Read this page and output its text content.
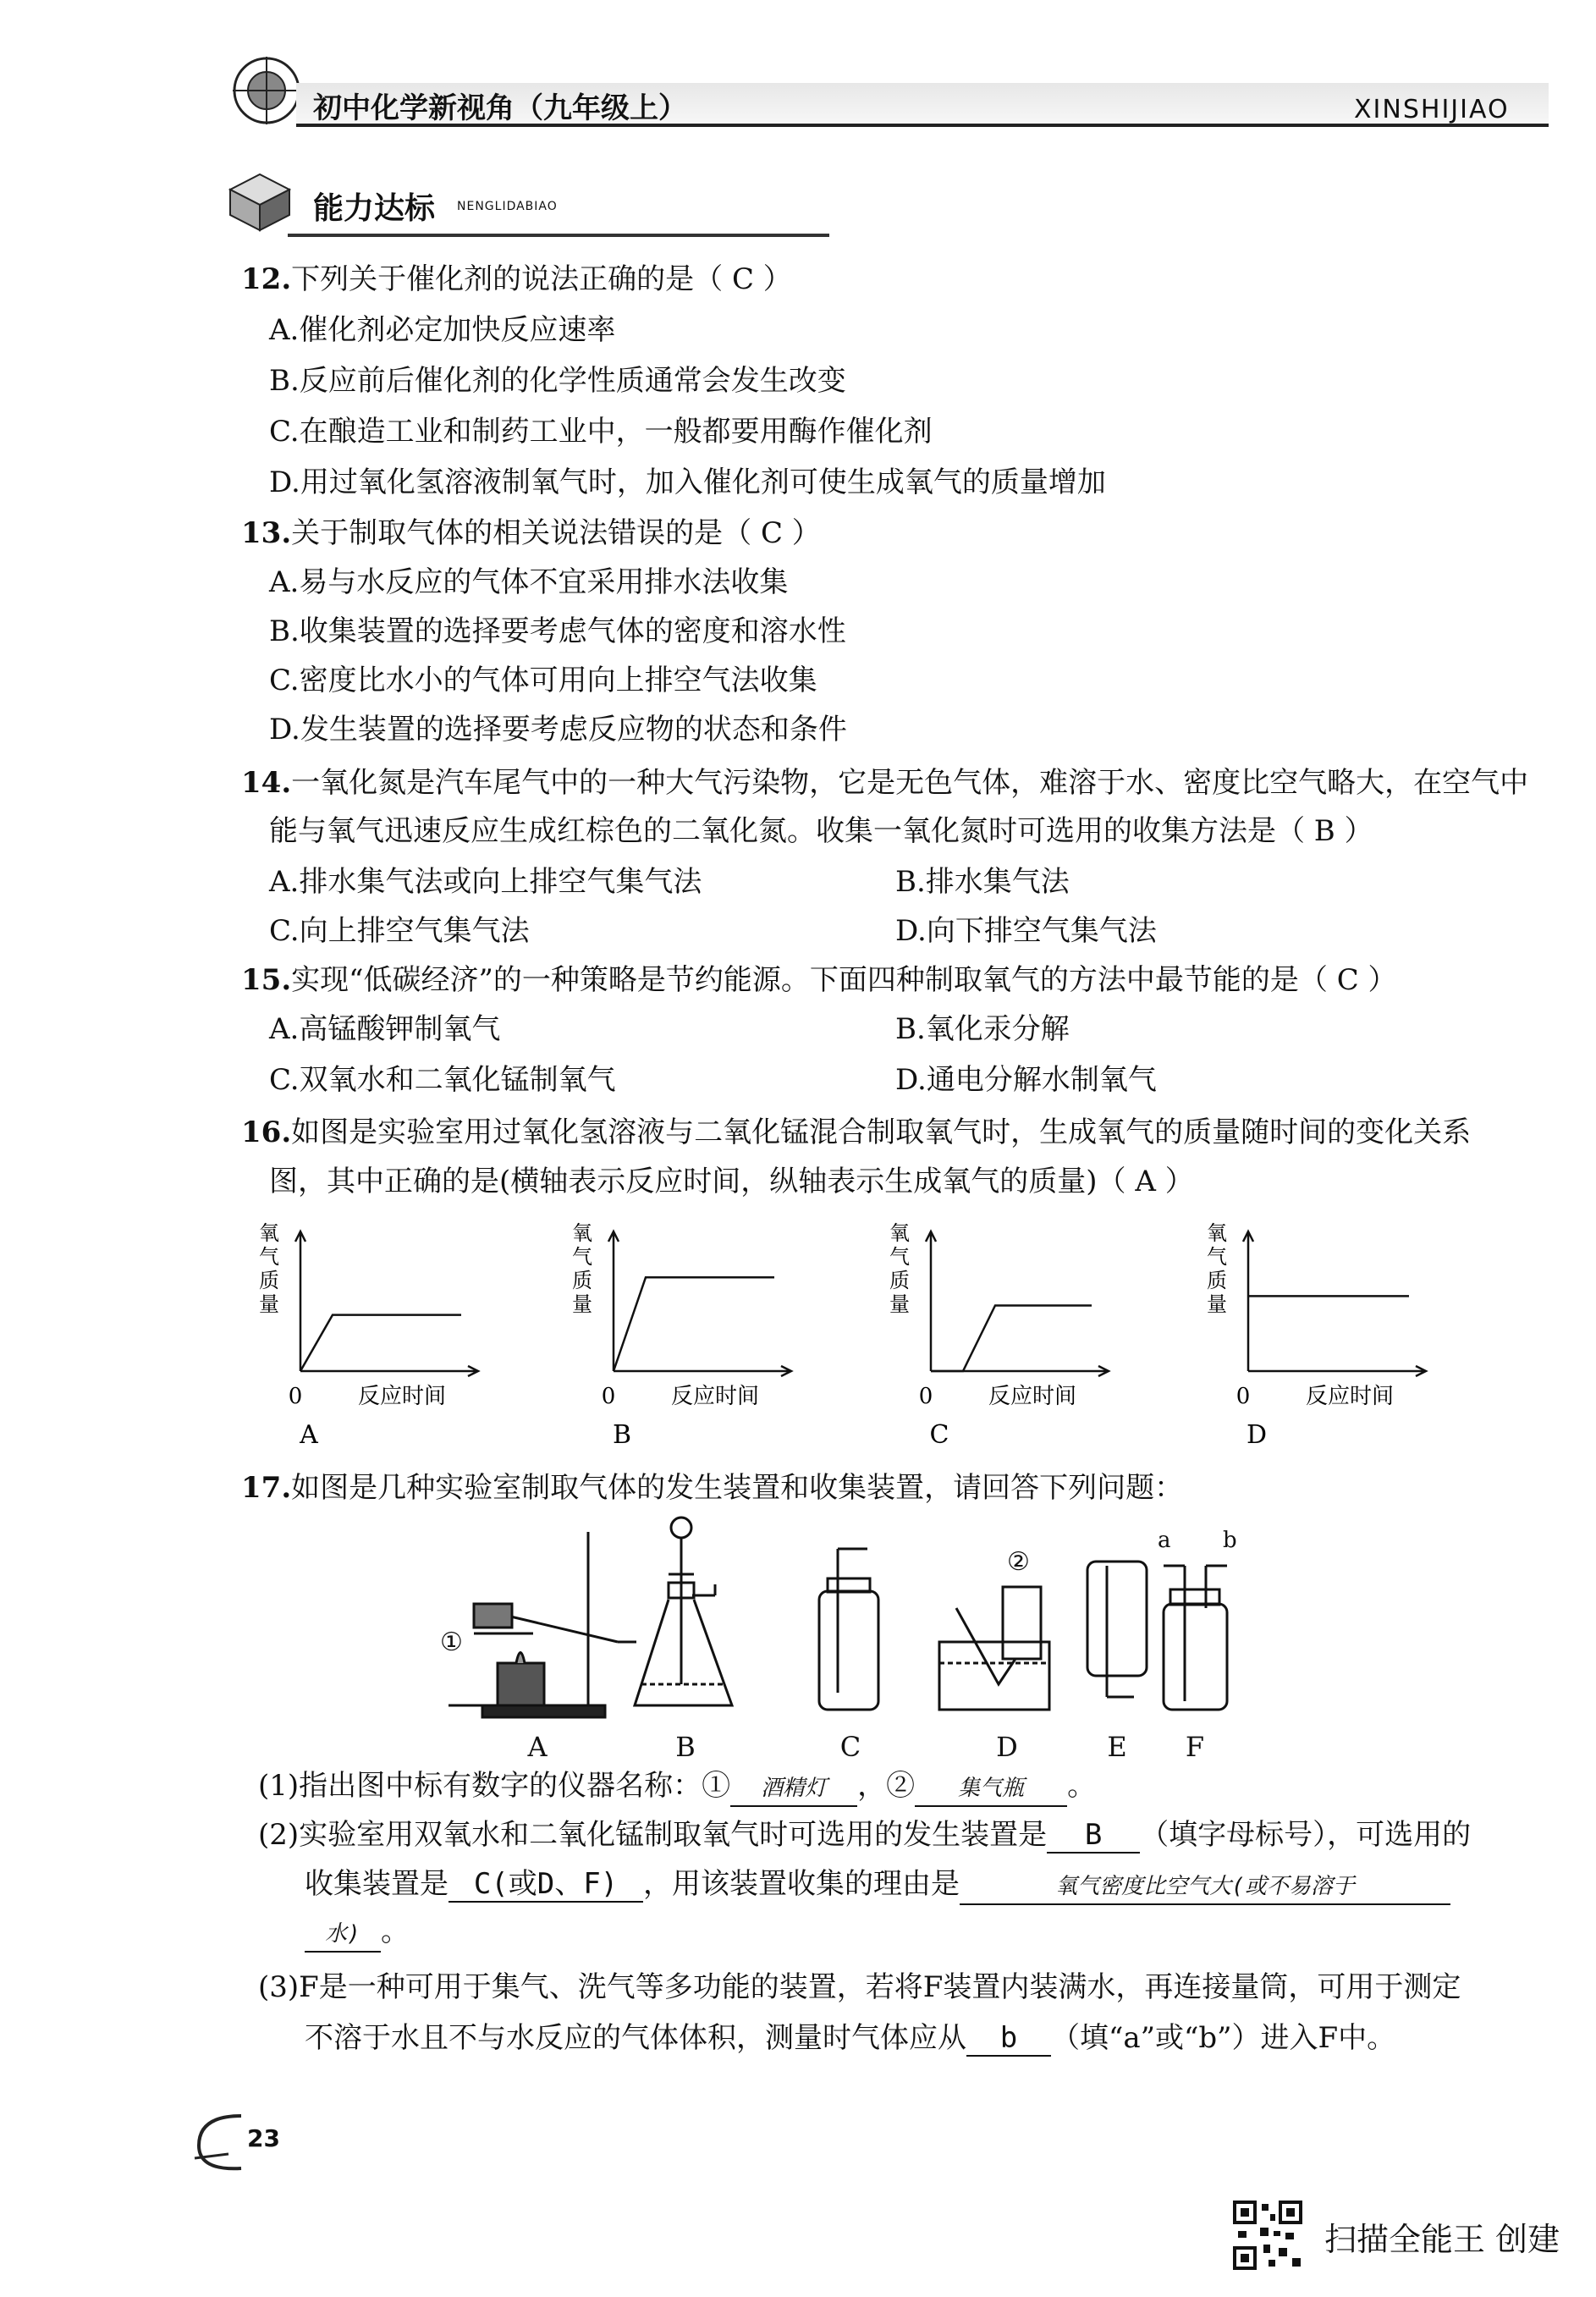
初中化学新视角（九年级上）	XINSHIJIAO
能力达标 NENGLIDABIAO
12.下列关于催化剂的说法正确的是（ C ）
A.催化剂必定加快反应速率
B.反应前后催化剂的化学性质通常会发生改变
C.在酿造工业和制药工业中，一般都要用酶作催化剂
D.用过氧化氢溶液制氧气时，加入催化剂可使生成氧气的质量增加
13.关于制取气体的相关说法错误的是（ C ）
A.易与水反应的气体不宜采用排水法收集
B.收集装置的选择要考虑气体的密度和溶水性
C.密度比水小的气体可用向上排空气法收集
D.发生装置的选择要考虑反应物的状态和条件
14.一氧化氮是汽车尾气中的一种大气污染物，它是无色气体，难溶于水、密度比空气略大，在空气中
能与氧气迅速反应生成红棕色的二氧化氮。收集一氧化氮时可选用的收集方法是（ B ）
A.排水集气法或向上排空气集气法	B.排水集气法
C.向上排空气集气法	D.向下排空气集气法
15.实现“低碳经济”的一种策略是节约能源。下面四种制取氧气的方法中最节能的是（ C ）
A.高锰酸钾制氧气	B.氧化汞分解
C.双氧水和二氧化锰制氧气	D.通电分解水制氧气
16.如图是实验室用过氧化氢溶液与二氧化锰混合制取氧气时，生成氧气的质量随时间的变化关系
图，其中正确的是(横轴表示反应时间，纵轴表示生成氧气的质量)（ A ）
氧
气
质
量
0	反应时间
A
氧
气
质
量
0	反应时间
B
氧
气
质
量
0	反应时间
C
氧
气
质
量
0	反应时间
D
17.如图是几种实验室制取气体的发生装置和收集装置，请回答下列问题：
①
②
a b
A	B	C	D	E F
(1)指出图中标有数字的仪器名称：① 酒精灯 ，② 集气瓶 。
(2)实验室用双氧水和二氧化锰制取氧气时可选用的发生装置是 B （填字母标号），可选用的
收集装置是 C(或D、F) ，用该装置收集的理由是	氧气密度比空气大(或不易溶于
水) 。
(3)F是一种可用于集气、洗气等多功能的装置，若将F装置内装满水，再连接量筒，可用于测定
不溶于水且不与水反应的气体体积，测量时气体应从 b （填“a”或“b”）进入F中。
23
扫描全能王 创建
